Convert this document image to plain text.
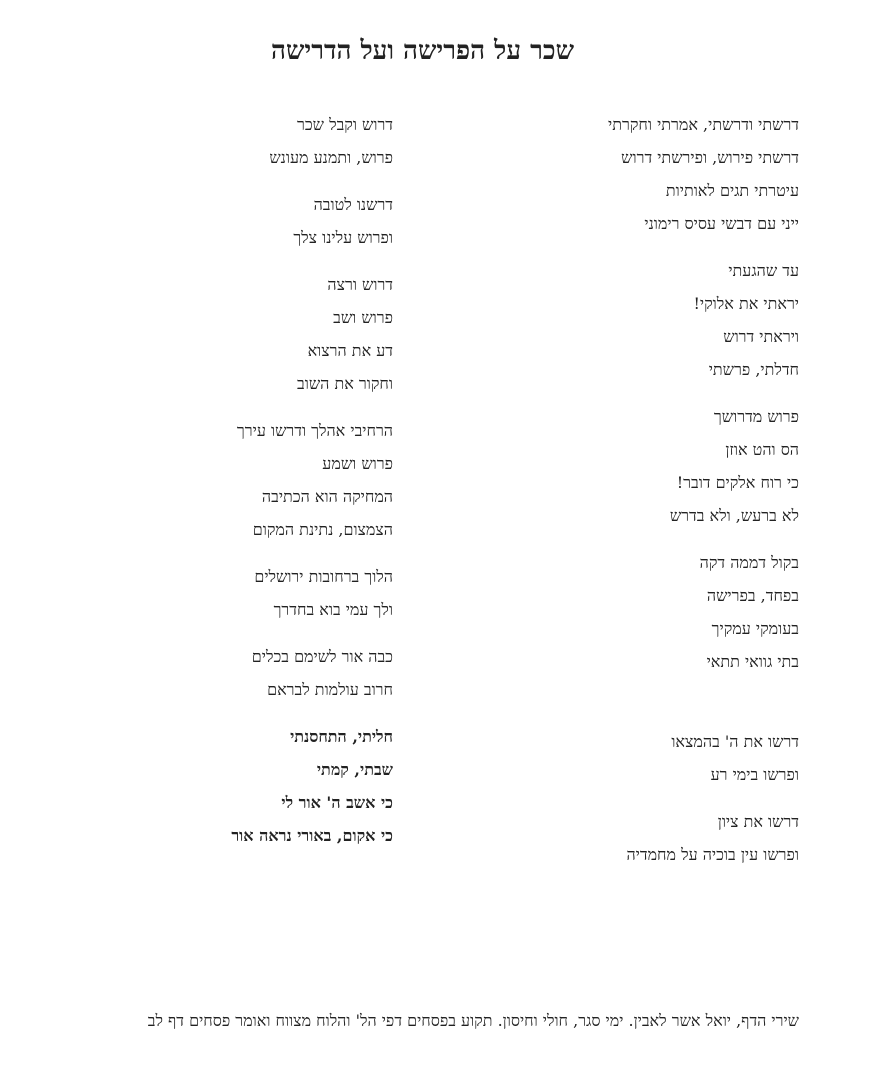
שכר על הפרישה ועל הדרישה
דרשתי ודרשתי, אמרתי וחקרתי
דרשתי פירוש, ופירשתי דרוש
עיטרתי תגים לאותיות
ייני עם דבשי עסיס רימוני
עד שהגעתי
יראתי את אלוקי!
ויראתי דרוש
חדלתי, פרשתי
פרוש מדרושך
הס והט אוזן
כי רוח אלקים דובר!
לא ברעש, ולא בדרש
בקול דממה דקה
בפחד, בפרישה
בעומקי עמקיך
בתי גוואי תתאי
דרשו את ה' בהמצאו
ופרשו בימי רע
דרשו את ציון
ופרשו עין בוכיה על מחמדיה
דרוש וקבל שכר
פרוש, ותמנע מעונש
דרשנו לטובה
ופרוש עלינו צלך
דרוש ורצה
פרוש ושב
דע את הרצוא
וחקור את השוב
הרחיבי אהלך ודרשו עירך
פרוש ושמע
המחיקה הוא הכתיבה
הצמצום, נתינת המקום
הלוך ברחובות ירושלים
ולך עמי בוא בחדרך
כבה אור לשימם בכלים
חרוב עולמות לבראם
חליתי, התחסנתי
שבתי, קמתי
כי אשב ה' אור לי
כי אקום, באורי נראה אור
שירי הדף, יואל אשר לאבין. ימי סגר, חולי וחיסון. תקוע בפסחים דפי הל' והלוח מצווח ואומר פסחים דף לב
